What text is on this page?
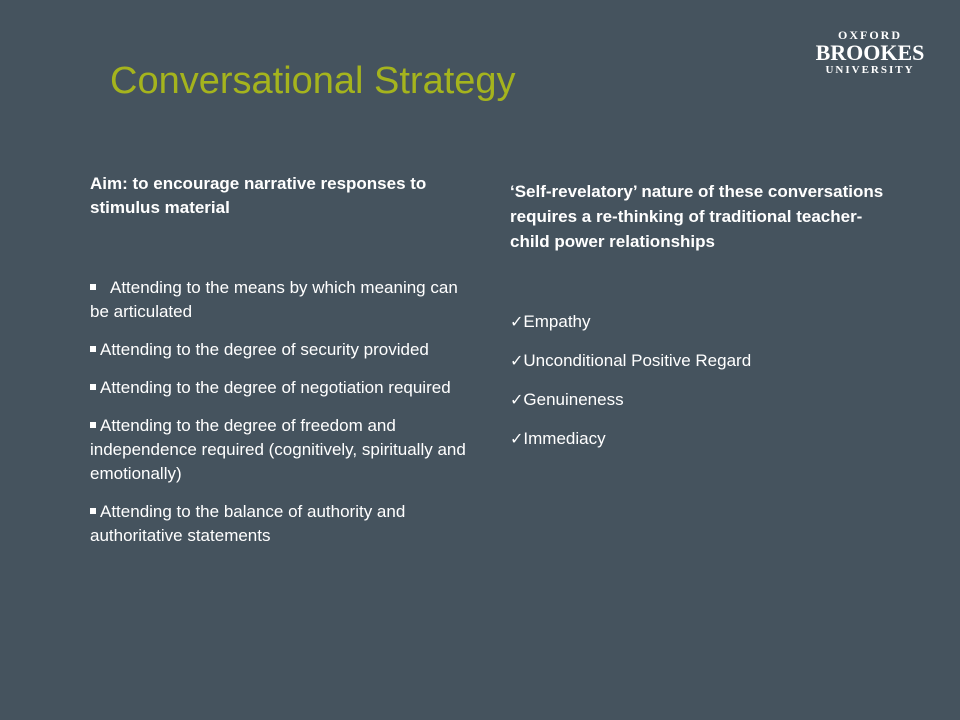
OXFORD
BROOKES
UNIVERSITY
Conversational Strategy

Aim: to encourage narrative responses to stimulus material

Attending to the means by which meaning can be articulated
Attending to the degree of security provided
Attending to the degree of negotiation required
Attending to the degree of freedom and independence required (cognitively, spiritually and emotionally)
Attending to the balance of authority and authoritative statements

‘Self-revelatory’ nature of these conversations requires a re-thinking of traditional teacher-child power relationships

✓Empathy
✓Unconditional Positive Regard
✓Genuineness
✓Immediacy
